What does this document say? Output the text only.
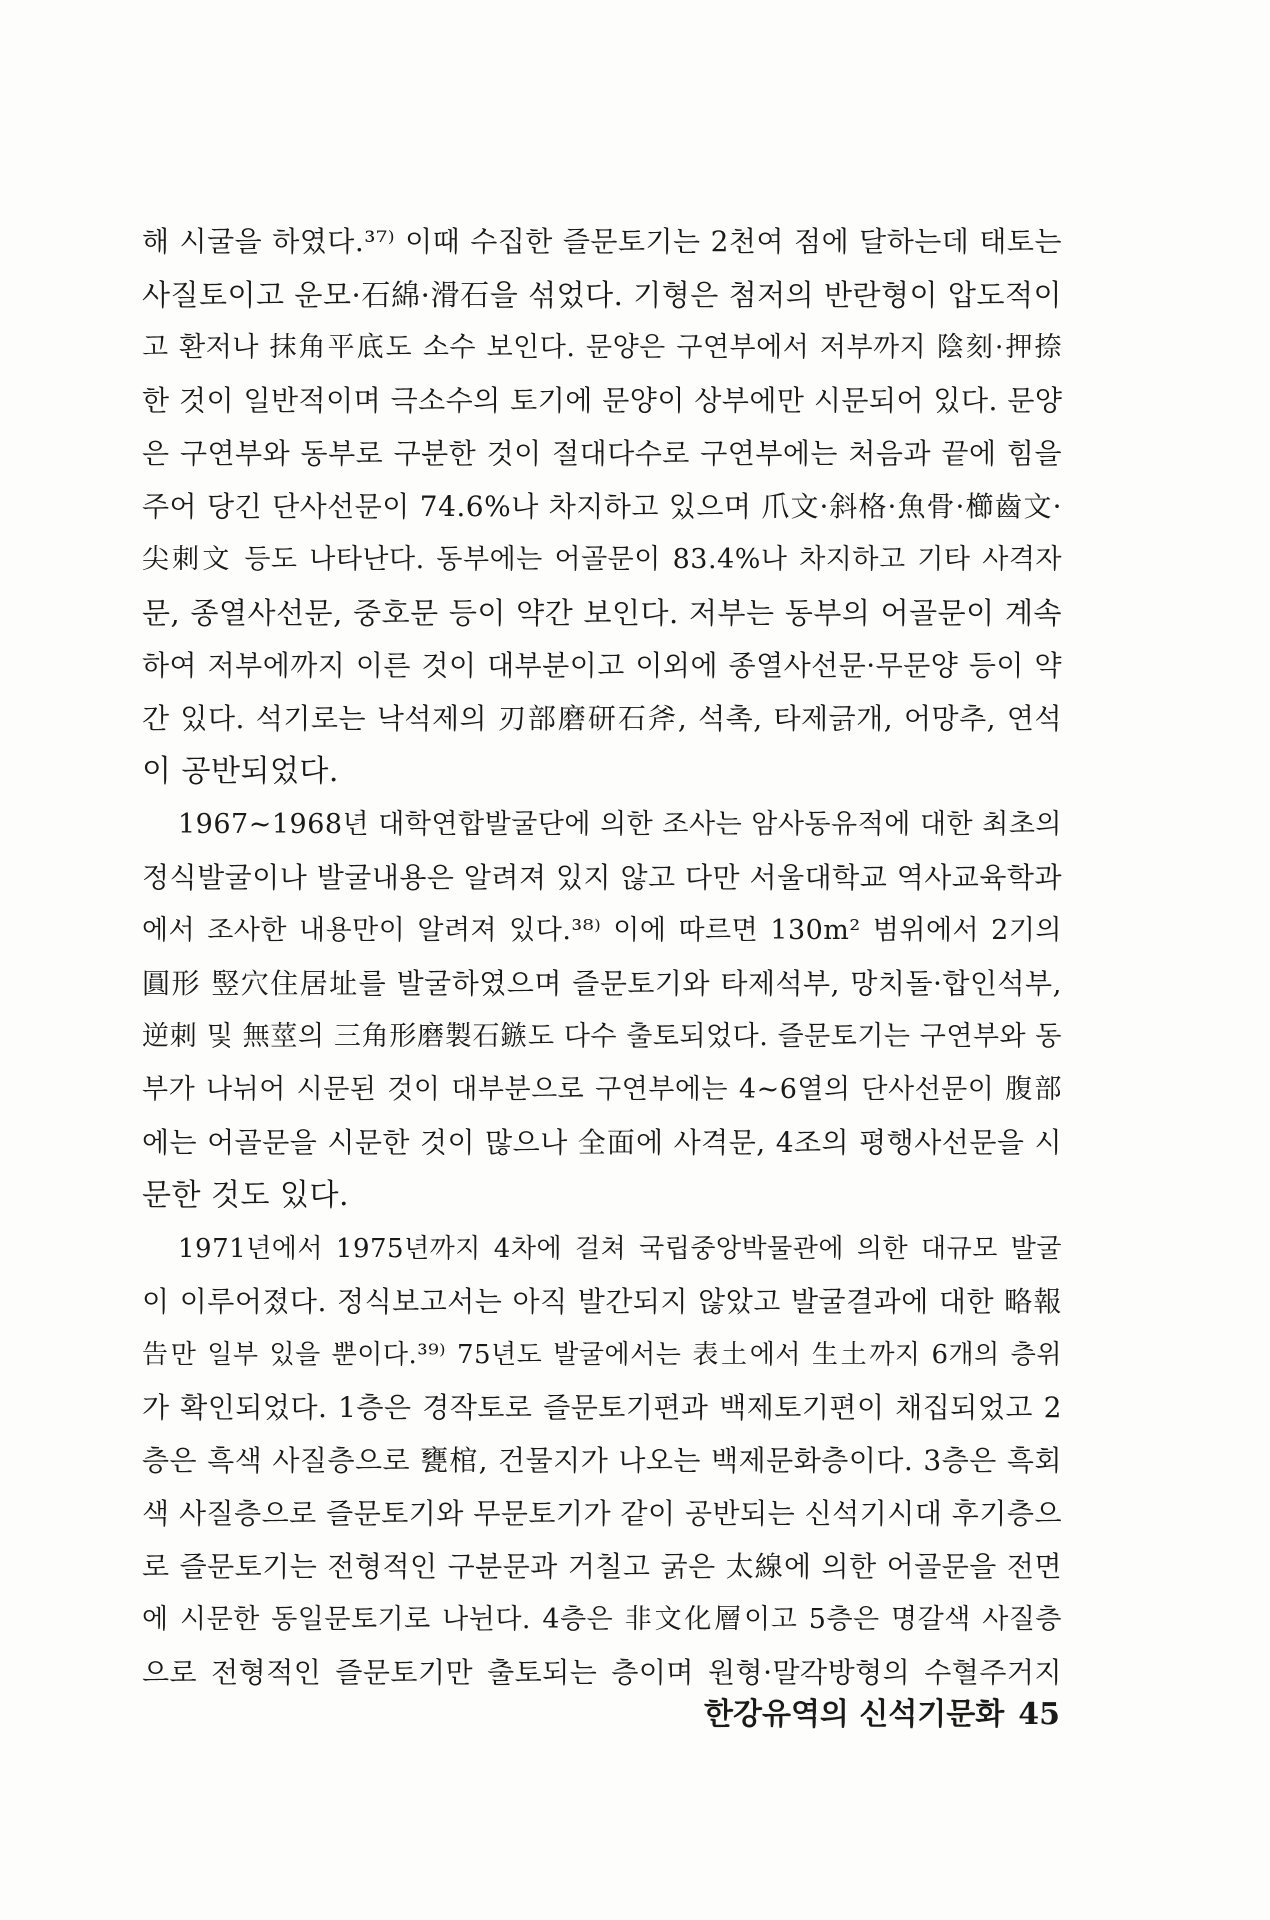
해 시굴을 하였다.³⁷⁾ 이때 수집한 즐문토기는 2천여 점에 달하는데 태토는
사질토이고 운모·石綿·滑石을 섞었다. 기형은 첨저의 반란형이 압도적이
고 환저나 抹角平底도 소수 보인다. 문양은 구연부에서 저부까지 陰刻·押捺
한 것이 일반적이며 극소수의 토기에 문양이 상부에만 시문되어 있다. 문양
은 구연부와 동부로 구분한 것이 절대다수로 구연부에는 처음과 끝에 힘을
주어 당긴 단사선문이 74.6%나 차지하고 있으며 爪文·斜格·魚骨·櫛齒文·
尖刺文 등도 나타난다. 동부에는 어골문이 83.4%나 차지하고 기타 사격자
문, 종열사선문, 중호문 등이 약간 보인다. 저부는 동부의 어골문이 계속
하여 저부에까지 이른 것이 대부분이고 이외에 종열사선문·무문양 등이 약
간 있다. 석기로는 낙석제의 刃部磨研石斧, 석촉, 타제긁개, 어망추, 연석
이 공반되었다.
1967~1968년 대학연합발굴단에 의한 조사는 암사동유적에 대한 최초의
정식발굴이나 발굴내용은 알려져 있지 않고 다만 서울대학교 역사교육학과
에서 조사한 내용만이 알려져 있다.³⁸⁾ 이에 따르면 130m² 범위에서 2기의
圓形 竪穴住居址를 발굴하였으며 즐문토기와 타제석부, 망치돌·합인석부,
逆刺 및 無莖의 三角形磨製石鏃도 다수 출토되었다. 즐문토기는 구연부와 동
부가 나뉘어 시문된 것이 대부분으로 구연부에는 4~6열의 단사선문이 腹部
에는 어골문을 시문한 것이 많으나 全面에 사격문, 4조의 평행사선문을 시
문한 것도 있다.
1971년에서 1975년까지 4차에 걸쳐 국립중앙박물관에 의한 대규모 발굴
이 이루어졌다. 정식보고서는 아직 발간되지 않았고 발굴결과에 대한 略報
告만 일부 있을 뿐이다.³⁹⁾ 75년도 발굴에서는 表土에서 生土까지 6개의 층위
가 확인되었다. 1층은 경작토로 즐문토기편과 백제토기편이 채집되었고 2
층은 흑색 사질층으로 甕棺, 건물지가 나오는 백제문화층이다. 3층은 흑회
색 사질층으로 즐문토기와 무문토기가 같이 공반되는 신석기시대 후기층으
로 즐문토기는 전형적인 구분문과 거칠고 굵은 太線에 의한 어골문을 전면
에 시문한 동일문토기로 나뉜다. 4층은 非文化層이고 5층은 명갈색 사질층
으로 전형적인 즐문토기만 출토되는 층이며 원형·말각방형의 수혈주거지
한강유역의 신석기문화 45
